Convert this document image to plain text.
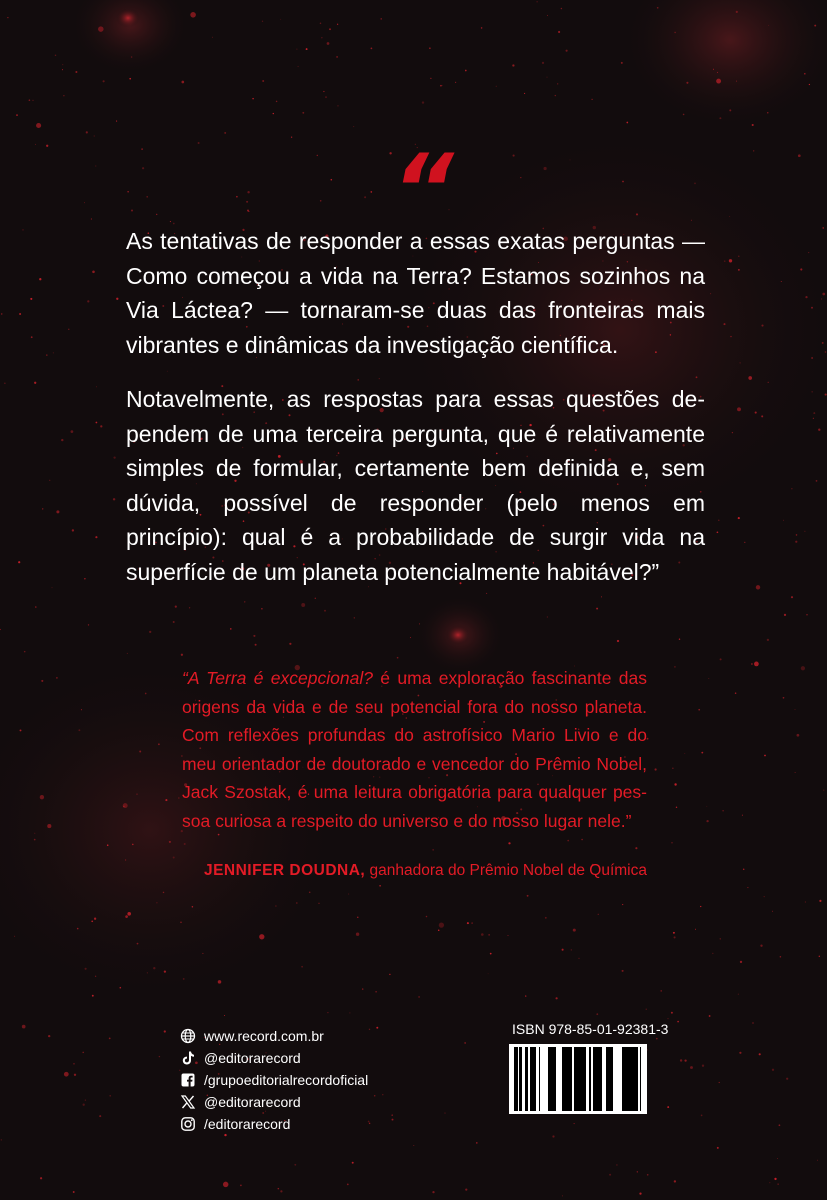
“

As tentativas de responder a essas exatas perguntas — Como começou a vida na Terra? Estamos sozinhos na Via Láctea? — tornaram-se duas das fronteiras mais vibrantes e dinâmicas da investigação científica.

Notavelmente, as respostas para essas questões dependem de uma terceira pergunta, que é relativamente simples de formular, certamente bem definida e, sem dúvida, possível de responder (pelo menos em princípio): qual é a probabilidade de surgir vida na superfície de um planeta potencialmente habitável?”

“A Terra é excepcional? é uma exploração fascinante das origens da vida e de seu potencial fora do nosso planeta. Com reflexões profundas do astrofísico Mario Livio e do meu orientador de doutorado e vencedor do Prêmio Nobel, Jack Szostak, é uma leitura obrigatória para qualquer pessoa curiosa a respeito do universo e do nosso lugar nele.”

JENNIFER DOUDNA, ganhadora do Prêmio Nobel de Química
www.record.com.br
@editorarecord
/grupoeditorialrecordoficial
@editorarecord
/editorarecord
ISBN 978-85-01-92381-3
